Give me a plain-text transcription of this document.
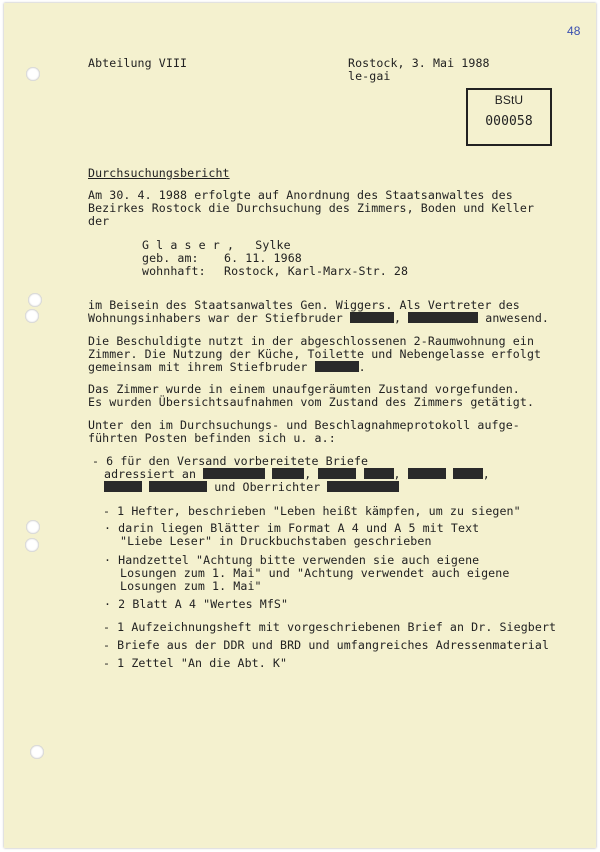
48
Abteilung VIII	Rostock, 3. Mai 1988
le-gai
BStU
000058
Durchsuchungsbericht
Am 30. 4. 1988 erfolgte auf Anordnung des Staatsanwaltes des
Bezirkes Rostock die Durchsuchung des Zimmers, Boden und Keller
der
G l a s e r ,   Sylke
geb. am: 6. 11. 1968
wohnhaft: Rostock, Karl-Marx-Str. 28
im Beisein des Staatsanwaltes Gen. Wiggers. Als Vertreter des
Wohnungsinhabers war der Stiefbruder	,	anwesend.
Die Beschuldigte nutzt in der abgeschlossenen 2-Raumwohnung ein
Zimmer. Die Nutzung der Küche, Toilette und Nebengelasse erfolgt
gemeinsam mit ihrem Stiefbruder	.
Das Zimmer wurde in einem unaufgeräumten Zustand vorgefunden.
Es wurden Übersichtsaufnahmen vom Zustand des Zimmers getätigt.
Unter den im Durchsuchungs- und Beschlagnahmeprotokoll aufge-
führten Posten befinden sich u. a.:
- 6 für den Versand vorbereitete Briefe
adressiert an	,	,	,
und Oberrichter
- 1 Hefter, beschrieben "Leben heißt kämpfen, um zu siegen"
· darin liegen Blätter im Format A 4 und A 5 mit Text
"Liebe Leser" in Druckbuchstaben geschrieben
· Handzettel "Achtung bitte verwenden sie auch eigene
Losungen zum 1. Mai" und "Achtung verwendet auch eigene
Losungen zum 1. Mai"
· 2 Blatt A 4 "Wertes MfS"
- 1 Aufzeichnungsheft mit vorgeschriebenen Brief an Dr. Siegbert
- Briefe aus der DDR und BRD und umfangreiches Adressenmaterial
- 1 Zettel "An die Abt. K"
